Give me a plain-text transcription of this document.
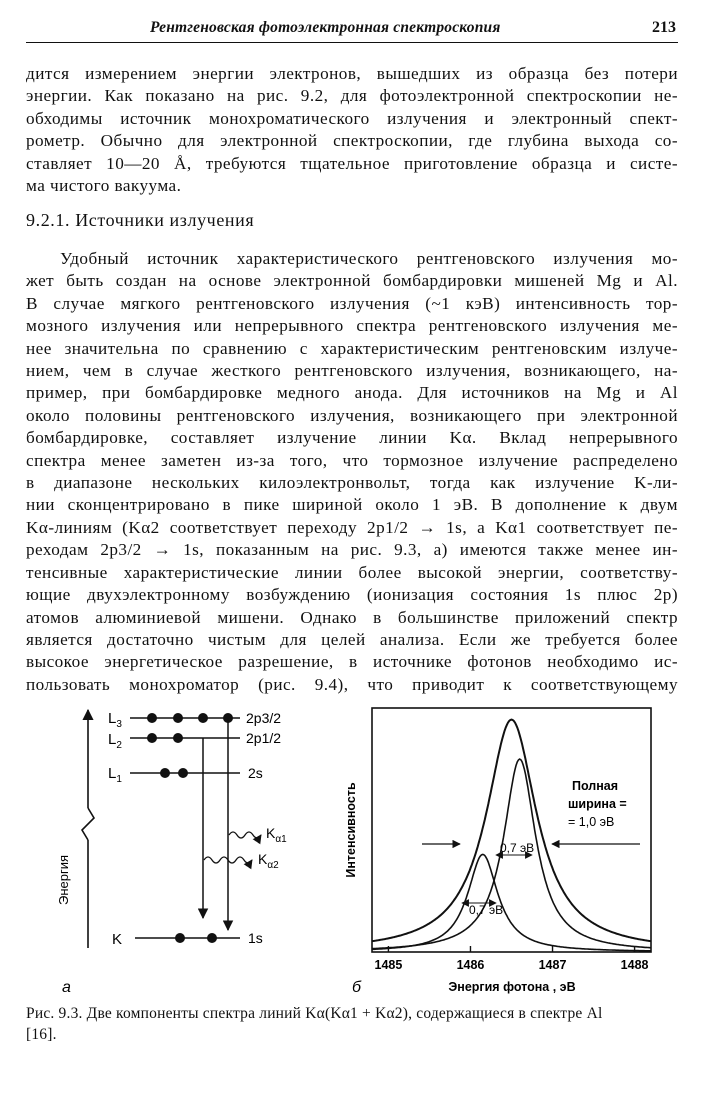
Рентгеновская фотоэлектронная спектроскопия	213
дится измерением энергии электронов, вышедших из образца без потери
энергии. Как показано на рис. 9.2, для фотоэлектронной спектроскопии не-
обходимы источник монохроматического излучения и электронный спект-
рометр. Обычно для электронной спектроскопии, где глубина выхода со-
ставляет 10—20 Å, требуются тщательное приготовление образца и систе-
ма чистого вакуума.
9.2.1. Источники излучения
Удобный источник характеристического рентгеновского излучения мо-
жет быть создан на основе электронной бомбардировки мишеней Mg и Al.
В случае мягкого рентгеновского излучения (~1 кэВ) интенсивность тор-
мозного излучения или непрерывного спектра рентгеновского излучения ме-
нее значительна по сравнению с характеристическим рентгеновским излуче-
нием, чем в случае жесткого рентгеновского излучения, возникающего, на-
пример, при бомбардировке медного анода. Для источников на Mg и Al
около половины рентгеновского излучения, возникающего при электронной
бомбардировке, составляет излучение линии Kα. Вклад непрерывного
спектра менее заметен из-за того, что тормозное излучение распределено
в диапазоне нескольких килоэлектронвольт, тогда как излучение K-ли-
нии сконцентрировано в пике шириной около 1 эВ. В дополнение к двум
Kα-линиям (Kα2 соответствует переходу 2p1/2 → 1s, а Kα1 соответствует пе-
реходам 2p3/2 → 1s, показанным на рис. 9.3, а) имеются также менее ин-
тенсивные характеристические линии более высокой энергии, соответству-
ющие двухэлектронному возбуждению (ионизация состояния 1s плюс 2p)
атомов алюминиевой мишени. Однако в большинстве приложений спектр
является достаточно чистым для целей анализа. Если же требуется более
высокое энергетическое разрешение, в источнике фотонов необходимо ис-
пользовать монохроматор (рис. 9.4), что приводит к соответствующему
Энергия
$L_3$	2p3/2
$L_2$	2p1/2
$L_1$	2s
K	1s
$K_{\alpha 1}$
$K_{\alpha 2}$
а
1485	1486	1487	1488
Интенсивность
Энергия фотона , эВ
б
Полная
ширина =
= 1,0 эВ
0,7 эВ
0,7 эВ
Рис. 9.3. Две компоненты спектра линий Kα(Kα1 + Kα2), содержащиеся в спектре Al
[16].
